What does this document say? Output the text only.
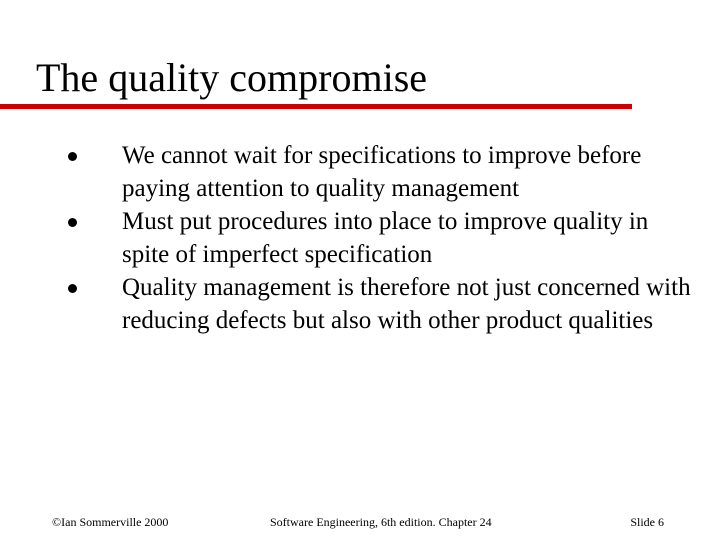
The quality compromise
We cannot wait for specifications to improve before paying attention to quality management
Must put procedures into place to improve quality in spite of imperfect specification
Quality management is therefore not just concerned with reducing defects but also with other product qualities
©Ian Sommerville 2000	Software Engineering, 6th edition. Chapter 24	Slide 6
